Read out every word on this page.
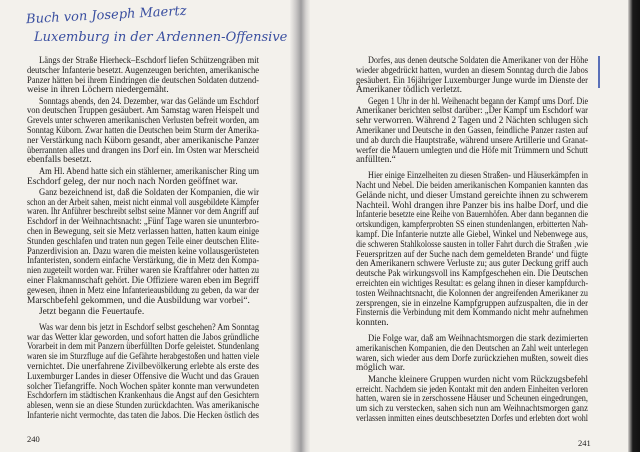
Buch von Joseph Maertz
Luxemburg in der Ardennen-Offensive
Längs der Straße Hierheck–Eschdorf liefen Schützengräben mit
deutscher Infanterie besetzt. Augenzeugen berichten, amerikanische
Panzer hätten bei ihrem Eindringen die deutschen Soldaten dutzend-
weise in ihren Löchern niedergemäht.
Sonntags abends, den 24. Dezember, war das Gelände um Eschdorf
von deutschen Truppen gesäubert. Am Samstag waren Heispelt und
Grevels unter schweren amerikanischen Verlusten befreit worden, am
Sonntag Küborn. Zwar hatten die Deutschen beim Sturm der Amerika-
ner Verstärkung nach Küborn gesandt, aber amerikanische Panzer
überrannten alles und drangen ins Dorf ein. Im Osten war Merscheid
ebenfalls besetzt.
Am Hl. Abend hatte sich ein stählerner, amerikanischer Ring um
Eschdorf geleg, der nur noch nach Norden geöffnet war.
Ganz bezeichnend ist, daß die Soldaten der Kompanien, die wir
schon an der Arbeit sahen, meist nicht einmal voll ausgebildete Kämpfer
waren. Ihr Anführer beschreibt selbst seine Männer vor dem Angriff auf
Eschdorf in der Weihnachtsnacht: „Fünf Tage waren sie ununterbro-
chen in Bewegung, seit sie Metz verlassen hatten, hatten kaum einige
Stunden geschlafen und traten nun gegen Teile einer deutschen Elite-
Panzerdivision an. Dazu waren die meisten keine vollausgerüsteten
Infanteristen, sondern einfache Verstärkung, die in Metz den Kompa-
nien zugeteilt worden war. Früher waren sie Kraftfahrer oder hatten zu
einer Flakmannschaft gehört. Die Offiziere waren eben im Begriff
gewesen, ihnen in Metz eine Infanterieausbildung zu geben, da war der
Marschbefehl gekommen, und die Ausbildung war vorbei“.
Jetzt begann die Feuertaufe.
Was war denn bis jetzt in Eschdorf selbst geschehen? Am Sonntag
war das Wetter klar geworden, und sofort hatten die Jabos gründliche
Vorarbeit in dem mit Panzern überfüllten Dorfe geleistet. Stundenlang
waren sie im Sturzfluge auf die Gefährte herabgestoßen und hatten viele
vernichtet. Die unerfahrene Zivilbevölkerung erlebte als erste des
Luxemburger Landes in dieser Offensive die Wucht und das Grauen
solcher Tiefangriffe. Noch Wochen später konnte man verwundeten
Eschdorfern im städtischen Krankenhaus die Angst auf den Gesichtern
ablesen, wenn sie an diese Stunden zurückdachten. Was amerikanische
Infanterie nicht vermochte, das taten die Jabos. Die Hecken östlich des
Dorfes, aus denen deutsche Soldaten die Amerikaner von der Höhe
wieder abgedrückt hatten, wurden an diesem Sonntag durch die Jabos
gesäubert. Ein 16jähriger Luxemburger Junge wurde im Dienste der
Amerikaner tödlich verletzt.
Gegen 1 Uhr in der hl. Weihenacht begann der Kampf ums Dorf. Die
Amerikaner berichten selbst darüber: „Der Kampf um Eschdorf war
sehr verworren. Während 2 Tagen und 2 Nächten schlugen sich
Amerikaner und Deutsche in den Gassen, feindliche Panzer rasten auf
und ab durch die Hauptstraße, während unsere Artillerie und Granat-
werfer die Mauern umlegten und die Höfe mit Trümmern und Schutt
anfüllten.“
Hier einige Einzelheiten zu diesen Straßen- und Häuserkämpfen in
Nacht und Nebel. Die beiden amerikanischen Kompanien kannten das
Gelände nicht, und dieser Umstand gereichte ihnen zu schwerem
Nachteil. Wohl drangen ihre Panzer bis ins halbe Dorf, und die
Infanterie besetzte eine Reihe von Bauernhöfen. Aber dann begannen die
ortskundigen, kampferprobten SS einen stundenlangen, erbitterten Nah-
kampf. Die Infanterie nutzte alle Giebel, Winkel und Nebenwege aus,
die schweren Stahlkolosse sausten in toller Fahrt durch die Straßen ‚wie
Feuerspritzen auf der Suche nach dem gemeldeten Brande‘ und fügte
den Amerikanern schwere Verluste zu; aus guter Deckung griff auch
deutsche Pak wirkungsvoll ins Kampfgeschehen ein. Die Deutschen
erreichten ein wichtiges Resultat: es gelang ihnen in dieser kampfdurch-
tosten Weihnachtsnacht, die Kolonnen der angreifenden Amerikaner zu
zersprengen, sie in einzelne Kampfgruppen aufzuspalten, die in der
Finsternis die Verbindung mit dem Kommando nicht mehr aufnehmen
konnten.
Die Folge war, daß am Weihnachtsmorgen die stark dezimierten
amerikanischen Kompanien, die den Deutschen an Zahl weit unterlegen
waren, sich wieder aus dem Dorfe zurückziehen mußten, soweit dies
möglich war.
Manche kleinere Gruppen wurden nicht vom Rückzugsbefehl
erreicht. Nachdem sie jeden Kontakt mit den andern Einheiten verloren
hatten, waren sie in zerschossene Häuser und Scheunen eingedrungen,
um sich zu verstecken, sahen sich nun am Weihnachtsmorgen ganz
verlassen inmitten eines deutschbesetzten Dorfes und erlebten dort wohl
240	241
